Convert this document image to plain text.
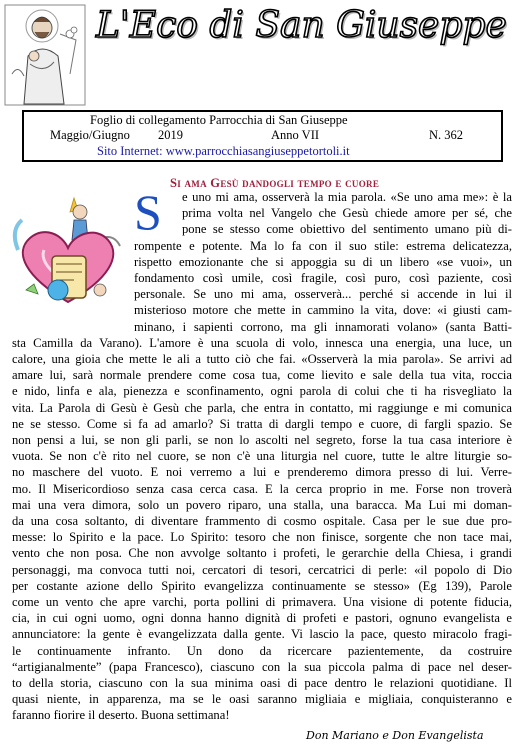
L'Eco di San Giuseppe
Foglio di collegamento Parrocchia di San Giuseppe
Maggio/Giugno 2019	Anno VII	N. 362
Sito Internet: www.parrocchiasangiuseppetortoli.it
Si ama Gesù dandogli tempo e cuore
S e uno mi ama, osserverà la mia parola. «Se uno ama me»: è la
prima volta nel Vangelo che Gesù chiede amore per sé, che
pone se stesso come obiettivo del sentimento umano più di-
rompente e potente. Ma lo fa con il suo stile: estrema delicatezza,
rispetto emozionante che si appoggia su di un libero «se vuoi», un
fondamento così umile, così fragile, così puro, così paziente, così
personale. Se uno mi ama, osserverà... perché si accende in lui il
misterioso motore che mette in cammino la vita, dove: «i giusti cam-
minano, i sapienti corrono, ma gli innamorati volano» (santa Batti-
sta Camilla da Varano). L'amore è una scuola di volo, innesca una energia, una luce, un
calore, una gioia che mette le ali a tutto ciò che fai. «Osserverà la mia parola». Se arrivi ad
amare lui, sarà normale prendere come cosa tua, come lievito e sale della tua vita, roccia
e nido, linfa e ala, pienezza e sconfinamento, ogni parola di colui che ti ha risvegliato la
vita. La Parola di Gesù è Gesù che parla, che entra in contatto, mi raggiunge e mi comunica
ne se stesso. Come si fa ad amarlo? Si tratta di dargli tempo e cuore, di fargli spazio. Se
non pensi a lui, se non gli parli, se non lo ascolti nel segreto, forse la tua casa interiore è
vuota. Se non c'è rito nel cuore, se non c'è una liturgia nel cuore, tutte le altre liturgie so-
no maschere del vuoto. E noi verremo a lui e prenderemo dimora presso di lui. Verre-
mo. Il Misericordioso senza casa cerca casa. E la cerca proprio in me. Forse non troverà
mai una vera dimora, solo un povero riparo, una stalla, una baracca. Ma Lui mi doman-
da una cosa soltanto, di diventare frammento di cosmo ospitale. Casa per le sue due pro-
messe: lo Spirito e la pace. Lo Spirito: tesoro che non finisce, sorgente che non tace mai,
vento che non posa. Che non avvolge soltanto i profeti, le gerarchie della Chiesa, i grandi
personaggi, ma convoca tutti noi, cercatori di tesori, cercatrici di perle: «il popolo di Dio
per costante azione dello Spirito evangelizza continuamente se stesso» (Eg 139), Parole
come un vento che apre varchi, porta pollini di primavera. Una visione di potente fiducia,
cia, in cui ogni uomo, ogni donna hanno dignità di profeti e pastori, ognuno evangelista e
annunciatore: la gente è evangelizzata dalla gente. Vi lascio la pace, questo miracolo fragi-
le continuamente infranto. Un dono da ricercare pazientemente, da costruire
“artigianalmente” (papa Francesco), ciascuno con la sua piccola palma di pace nel deser-
to della storia, ciascuno con la sua minima oasi di pace dentro le relazioni quotidiane. Il
quasi niente, in apparenza, ma se le oasi saranno migliaia e migliaia, conquisteranno e
faranno fiorire il deserto. Buona settimana!
Don Mariano e Don Evangelista
